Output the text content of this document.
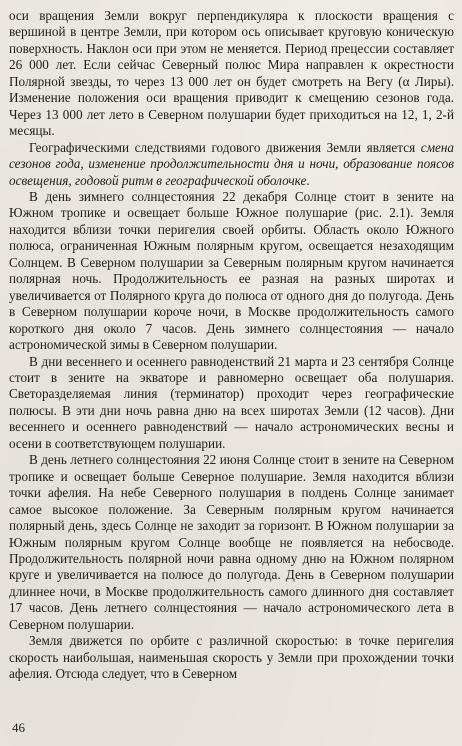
оси вращения Земли вокруг перпендикуляра к плоскости вращения с вершиной в центре Земли, при котором ось описывает круговую коническую поверхность. Наклон оси при этом не меняется. Период прецессии составляет 26 000 лет. Если сейчас Северный полюс Мира направлен к окрестности Полярной звезды, то через 13 000 лет он будет смотреть на Вегу (α Лиры). Изменение положения оси вращения приводит к смещению сезонов года. Через 13 000 лет лето в Северном полушарии будет приходиться на 12, 1, 2-й месяцы.

Географическими следствиями годового движения Земли является смена сезонов года, изменение продолжительности дня и ночи, образование поясов освещения, годовой ритм в географической оболочке.

В день зимнего солнцестояния 22 декабря Солнце стоит в зените на Южном тропике и освещает больше Южное полушарие (рис. 2.1). Земля находится вблизи точки перигелия своей орбиты. Область около Южного полюса, ограниченная Южным полярным кругом, освещается незаходящим Солнцем. В Северном полушарии за Северным полярным кругом начинается полярная ночь. Продолжительность ее разная на разных широтах и увеличивается от Полярного круга до полюса от одного дня до полугода. День в Северном полушарии короче ночи, в Москве продолжительность самого короткого дня около 7 часов. День зимнего солнцестояния — начало астрономической зимы в Северном полушарии.

В дни весеннего и осеннего равноденствий 21 марта и 23 сентября Солнце стоит в зените на экваторе и равномерно освещает оба полушария. Светоразделяемая линия (терминатор) проходит через географические полюсы. В эти дни ночь равна дню на всех широтах Земли (12 часов). Дни весеннего и осеннего равноденствий — начало астрономических весны и осени в соответствующем полушарии.

В день летнего солнцестояния 22 июня Солнце стоит в зените на Северном тропике и освещает больше Северное полушарие. Земля находится вблизи точки афелия. На небе Северного полушария в полдень Солнце занимает самое высокое положение. За Северным полярным кругом начинается полярный день, здесь Солнце не заходит за горизонт. В Южном полушарии за Южным полярным кругом Солнце вообще не появляется на небосводе. Продолжительность полярной ночи равна одному дню на Южном полярном круге и увеличивается на полюсе до полугода. День в Северном полушарии длиннее ночи, в Москве продолжительность самого длинного дня составляет 17 часов. День летнего солнцестояния — начало астрономического лета в Северном полушарии.

Земля движется по орбите с различной скоростью: в точке перигелия скорость наибольшая, наименьшая скорость у Земли при прохождении точки афелия. Отсюда следует, что в Северном

46
